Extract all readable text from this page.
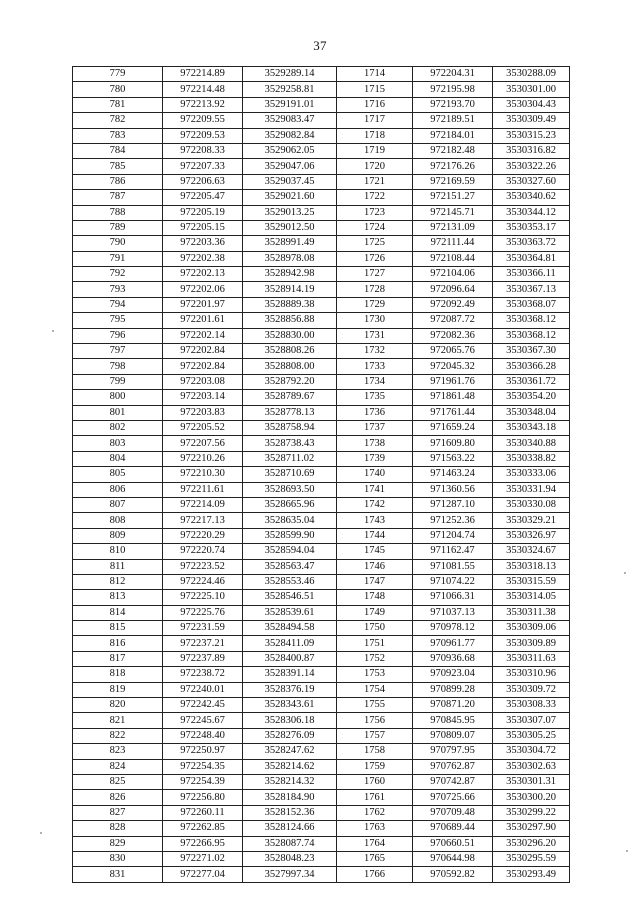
37
779	972214.89	3529289.14	1714	972204.31	3530288.09
780	972214.48	3529258.81	1715	972195.98	3530301.00
781	972213.92	3529191.01	1716	972193.70	3530304.43
782	972209.55	3529083.47	1717	972189.51	3530309.49
783	972209.53	3529082.84	1718	972184.01	3530315.23
784	972208.33	3529062.05	1719	972182.48	3530316.82
785	972207.33	3529047.06	1720	972176.26	3530322.26
786	972206.63	3529037.45	1721	972169.59	3530327.60
787	972205.47	3529021.60	1722	972151.27	3530340.62
788	972205.19	3529013.25	1723	972145.71	3530344.12
789	972205.15	3529012.50	1724	972131.09	3530353.17
790	972203.36	3528991.49	1725	972111.44	3530363.72
791	972202.38	3528978.08	1726	972108.44	3530364.81
792	972202.13	3528942.98	1727	972104.06	3530366.11
793	972202.06	3528914.19	1728	972096.64	3530367.13
794	972201.97	3528889.38	1729	972092.49	3530368.07
795	972201.61	3528856.88	1730	972087.72	3530368.12
796	972202.14	3528830.00	1731	972082.36	3530368.12
797	972202.84	3528808.26	1732	972065.76	3530367.30
798	972202.84	3528808.00	1733	972045.32	3530366.28
799	972203.08	3528792.20	1734	971961.76	3530361.72
800	972203.14	3528789.67	1735	971861.48	3530354.20
801	972203.83	3528778.13	1736	971761.44	3530348.04
802	972205.52	3528758.94	1737	971659.24	3530343.18
803	972207.56	3528738.43	1738	971609.80	3530340.88
804	972210.26	3528711.02	1739	971563.22	3530338.82
805	972210.30	3528710.69	1740	971463.24	3530333.06
806	972211.61	3528693.50	1741	971360.56	3530331.94
807	972214.09	3528665.96	1742	971287.10	3530330.08
808	972217.13	3528635.04	1743	971252.36	3530329.21
809	972220.29	3528599.90	1744	971204.74	3530326.97
810	972220.74	3528594.04	1745	971162.47	3530324.67
811	972223.52	3528563.47	1746	971081.55	3530318.13
812	972224.46	3528553.46	1747	971074.22	3530315.59
813	972225.10	3528546.51	1748	971066.31	3530314.05
814	972225.76	3528539.61	1749	971037.13	3530311.38
815	972231.59	3528494.58	1750	970978.12	3530309.06
816	972237.21	3528411.09	1751	970961.77	3530309.89
817	972237.89	3528400.87	1752	970936.68	3530311.63
818	972238.72	3528391.14	1753	970923.04	3530310.96
819	972240.01	3528376.19	1754	970899.28	3530309.72
820	972242.45	3528343.61	1755	970871.20	3530308.33
821	972245.67	3528306.18	1756	970845.95	3530307.07
822	972248.40	3528276.09	1757	970809.07	3530305.25
823	972250.97	3528247.62	1758	970797.95	3530304.72
824	972254.35	3528214.62	1759	970762.87	3530302.63
825	972254.39	3528214.32	1760	970742.87	3530301.31
826	972256.80	3528184.90	1761	970725.66	3530300.20
827	972260.11	3528152.36	1762	970709.48	3530299.22
828	972262.85	3528124.66	1763	970689.44	3530297.90
829	972266.95	3528087.74	1764	970660.51	3530296.20
830	972271.02	3528048.23	1765	970644.98	3530295.59
831	972277.04	3527997.34	1766	970592.82	3530293.49
